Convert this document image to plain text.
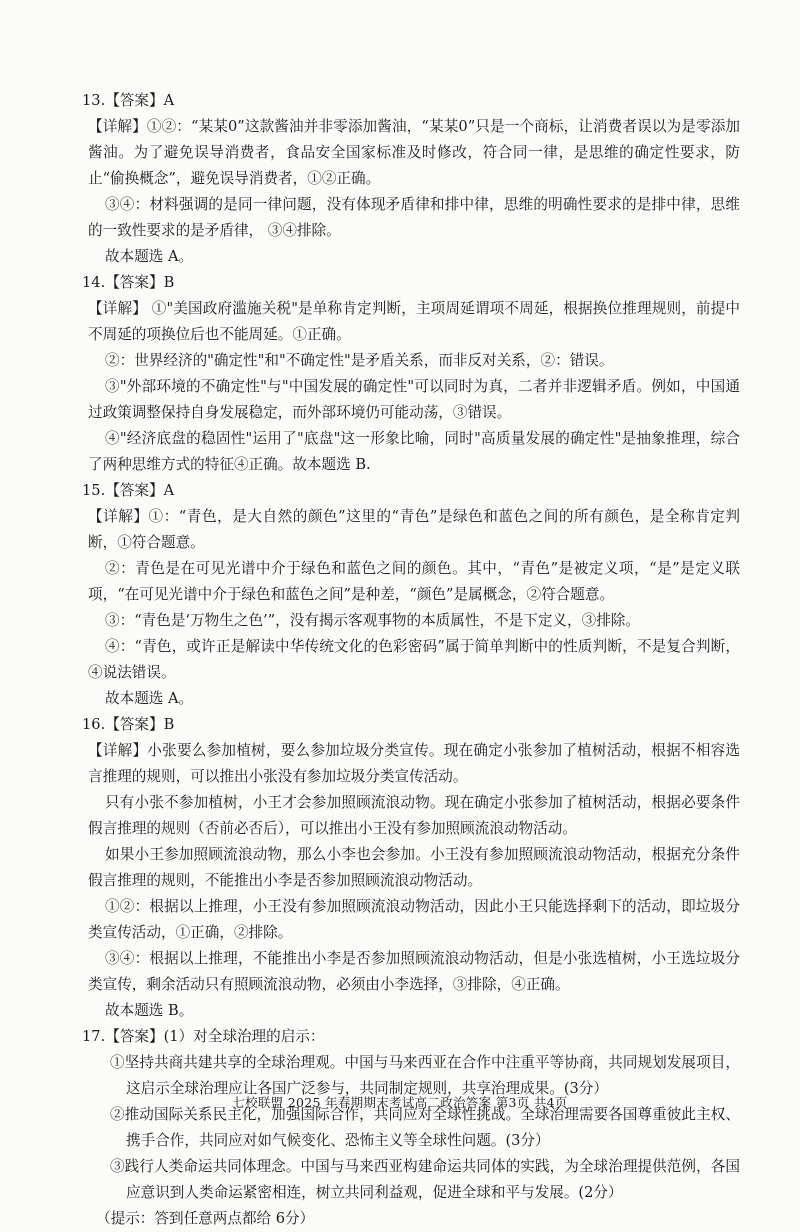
13.【答案】A

【详解】①②：“某某0”这款酱油并非零添加酱油，“某某0”只是一个商标，让消费者误以为是零添加酱油。为了避免误导消费者，食品安全国家标准及时修改，符合同一律，是思维的确定性要求，防止“偷换概念”，避免误导消费者，①②正确。

③④：材料强调的是同一律问题，没有体现矛盾律和排中律，思维的明确性要求的是排中律，思维的一致性要求的是矛盾律， ③④排除。

故本题选 A。

14.【答案】B

【详解】 ①"美国政府滥施关税"是单称肯定判断，主项周延谓项不周延，根据换位推理规则，前提中不周延的项换位后也不能周延。①正确。

②：世界经济的"确定性"和"不确定性"是矛盾关系，而非反对关系，②：错误。

③"外部环境的不确定性"与"中国发展的确定性"可以同时为真，二者并非逻辑矛盾。例如，中国通过政策调整保持自身发展稳定，而外部环境仍可能动荡，③错误。

④"经济底盘的稳固性"运用了"底盘"这一形象比喻，同时"高质量发展的确定性"是抽象推理，综合了两种思维方式的特征④正确。故本题选 B.

15.【答案】A

【详解】①：“青色，是大自然的颜色”这里的“青色”是绿色和蓝色之间的所有颜色，是全称肯定判断，①符合题意。

②：青色是在可见光谱中介于绿色和蓝色之间的颜色。其中，“青色”是被定义项，“是”是定义联项，“在可见光谱中介于绿色和蓝色之间”是种差，“颜色”是属概念，②符合题意。

③：“青色是‘万物生之色’”，没有揭示客观事物的本质属性，不是下定义，③排除。

④：“青色，或许正是解读中华传统文化的色彩密码”属于简单判断中的性质判断，不是复合判断，④说法错误。

故本题选 A。

16.【答案】B

【详解】小张要么参加植树，要么参加垃圾分类宣传。现在确定小张参加了植树活动，根据不相容选言推理的规则，可以推出小张没有参加垃圾分类宣传活动。

只有小张不参加植树，小王才会参加照顾流浪动物。现在确定小张参加了植树活动，根据必要条件假言推理的规则（否前必否后），可以推出小王没有参加照顾流浪动物活动。

如果小王参加照顾流浪动物，那么小李也会参加。小王没有参加照顾流浪动物活动，根据充分条件假言推理的规则，不能推出小李是否参加照顾流浪动物活动。

①②：根据以上推理，小王没有参加照顾流浪动物活动，因此小王只能选择剩下的活动，即垃圾分类宣传活动，①正确，②排除。

③④：根据以上推理，不能推出小李是否参加照顾流浪动物活动，但是小张选植树，小王选垃圾分类宣传，剩余活动只有照顾流浪动物，必须由小李选择，③排除，④正确。

故本题选 B。

17.【答案】(1）对全球治理的启示：

①坚持共商共建共享的全球治理观。中国与马来西亚在合作中注重平等协商，共同规划发展项目，这启示全球治理应让各国广泛参与，共同制定规则，共享治理成果。(3分）

②推动国际关系民主化，加强国际合作，共同应对全球性挑战。全球治理需要各国尊重彼此主权、携手合作，共同应对如气候变化、恐怖主义等全球性问题。(3分）

③践行人类命运共同体理念。中国与马来西亚构建命运共同体的实践，为全球治理提供范例，各国应意识到人类命运紧密相连，树立共同利益观，促进全球和平与发展。(2分）

（提示：答到任意两点都给 6分）

七校联盟 2025 年春期期末考试高二政治答案 第3页 共4页
